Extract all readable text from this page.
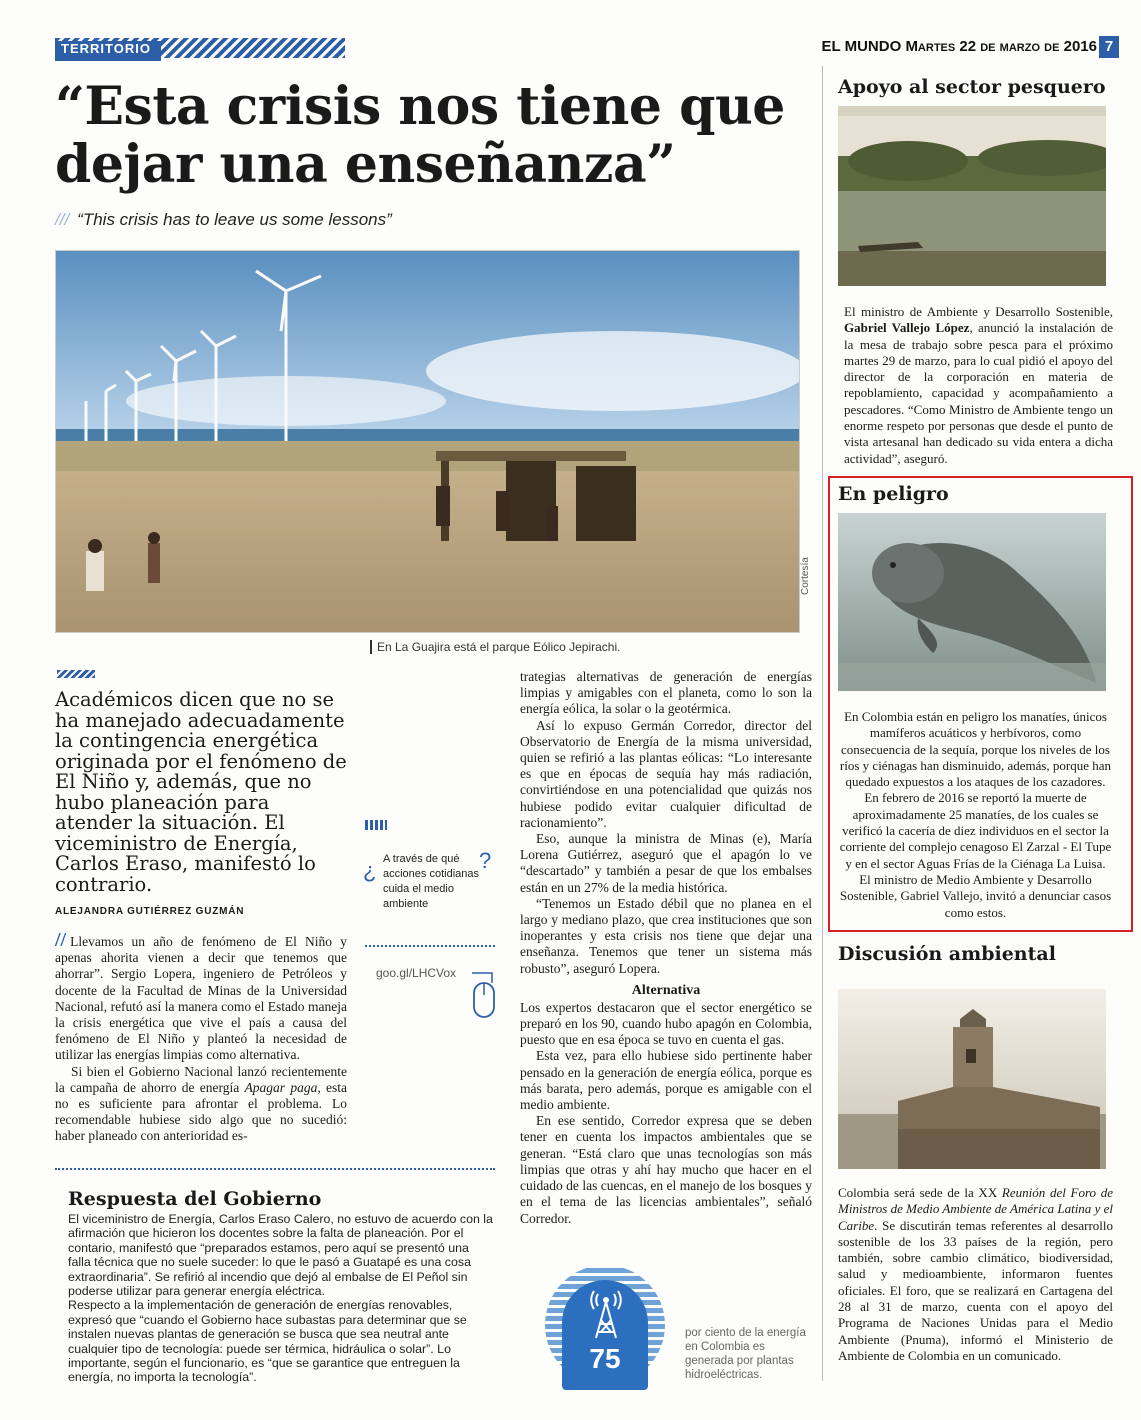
TERRITORIO	EL MUNDO Martes 22 de marzo de 2016 7
“Esta crisis nos tiene que dejar una enseñanza”
/// “This crisis has to leave us some lessons”
Cortesía
En La Guajira está el parque Eólico Jepirachi.

Académicos dicen que no se ha manejado adecuadamente la contingencia energética originada por el fenómeno de El Niño y, además, que no hubo planeación para atender la situación. El viceministro de Energía, Carlos Eraso, manifestó lo contrario.

ALEJANDRA GUTIÉRREZ GUZMÁN

// Llevamos un año de fenómeno de El Niño y apenas ahorita vienen a decir que tenemos que ahorrar”. Sergio Lopera, ingeniero de Petróleos y docente de la Facultad de Minas de la Universidad Nacional, refutó así la manera como el Estado maneja la crisis energética que vive el país a causa del fenómeno de El Niño y planteó la necesidad de utilizar las energías limpias como alternativa.

Si bien el Gobierno Nacional lanzó recientemente la campaña de ahorro de energía Apagar paga, esta no es suficiente para afrontar el problema. Lo recomendable hubiese sido algo que no sucedió: haber planeado con anterioridad es-

¿	?
A través de qué acciones cotidianas cuida el medio ambiente
goo.gl/LHCVox

trategias alternativas de generación de energías limpias y amigables con el planeta, como lo son la energía eólica, la solar o la geotérmica.

Así lo expuso Germán Corredor, director del Observatorio de Energía de la misma universidad, quien se refirió a las plantas eólicas: “Lo interesante es que en épocas de sequía hay más radiación, convirtiéndose en una potencialidad que quizás nos hubiese podido evitar cualquier dificultad de racionamiento”.

Eso, aunque la ministra de Minas (e), María Lorena Gutiérrez, aseguró que el apagón lo ve “descartado” y también a pesar de que los embalses están en un 27% de la media histórica.

“Tenemos un Estado débil que no planea en el largo y mediano plazo, que crea instituciones que son inoperantes y esta crisis nos tiene que dejar una enseñanza. Tenemos que tener un sistema más robusto”, aseguró Lopera.

Alternativa

Los expertos destacaron que el sector energético se preparó en los 90, cuando hubo apagón en Colombia, puesto que en esa época se tuvo en cuenta el gas.

Esta vez, para ello hubiese sido pertinente haber pensado en la generación de energía eólica, porque es más barata, pero además, porque es amigable con el medio ambiente.

En ese sentido, Corredor expresa que se deben tener en cuenta los impactos ambientales que se generan. “Está claro que unas tecnologías son más limpias que otras y ahí hay mucho que hacer en el cuidado de las cuencas, en el manejo de los bosques y en el tema de las licencias ambientales”, señaló Corredor.

Respuesta del Gobierno

El viceministro de Energía, Carlos Eraso Calero, no estuvo de acuerdo con la afirmación que hicieron los docentes sobre la falta de planeación. Por el contario, manifestó que “preparados estamos, pero aquí se presentó una falla técnica que no suele suceder: lo que le pasó a Guatapé es una cosa extraordinaria”. Se refirió al incendio que dejó al embalse de El Peñol sin poderse utilizar para generar energía eléctrica.

Respecto a la implementación de generación de energías renovables, expresó que “cuando el Gobierno hace subastas para determinar que se instalen nuevas plantas de generación se busca que sea neutral ante cualquier tipo de tecnología: puede ser térmica, hidráulica o solar”. Lo importante, según el funcionario, es “que se garantice que entreguen la energía, no importa la tecnología”.

75
por ciento de la energía en Colombia es generada por plantas hidroeléctricas.
Apoyo al sector pesquero

El ministro de Ambiente y Desarrollo Sostenible, Gabriel Vallejo López, anunció la instalación de la mesa de trabajo sobre pesca para el próximo martes 29 de marzo, para lo cual pidió el apoyo del director de la corporación en materia de repoblamiento, capacidad y acompañamiento a pescadores. “Como Ministro de Ambiente tengo un enorme respeto por personas que desde el punto de vista artesanal han dedicado su vida entera a dicha actividad”, aseguró.

En peligro

En Colombia están en peligro los manatíes, únicos mamíferos acuáticos y herbívoros, como consecuencia de la sequía, porque los niveles de los ríos y ciénagas han disminuido, además, porque han quedado expuestos a los ataques de los cazadores. En febrero de 2016 se reportó la muerte de aproximadamente 25 manatíes, de los cuales se verificó la cacería de diez individuos en el sector la corriente del complejo cenagoso El Zarzal - El Tupe y en el sector Aguas Frías de la Ciénaga La Luisa. El ministro de Medio Ambiente y Desarrollo Sostenible, Gabriel Vallejo, invitó a denunciar casos como estos.

Discusión ambiental

Colombia será sede de la XX Reunión del Foro de Ministros de Medio Ambiente de América Latina y el Caribe. Se discutirán temas referentes al desarrollo sostenible de los 33 países de la región, pero también, sobre cambio climático, biodiversidad, salud y medioambiente, informaron fuentes oficiales. El foro, que se realizará en Cartagena del 28 al 31 de marzo, cuenta con el apoyo del Programa de Naciones Unidas para el Medio Ambiente (Pnuma), informó el Ministerio de Ambiente de Colombia en un comunicado.
